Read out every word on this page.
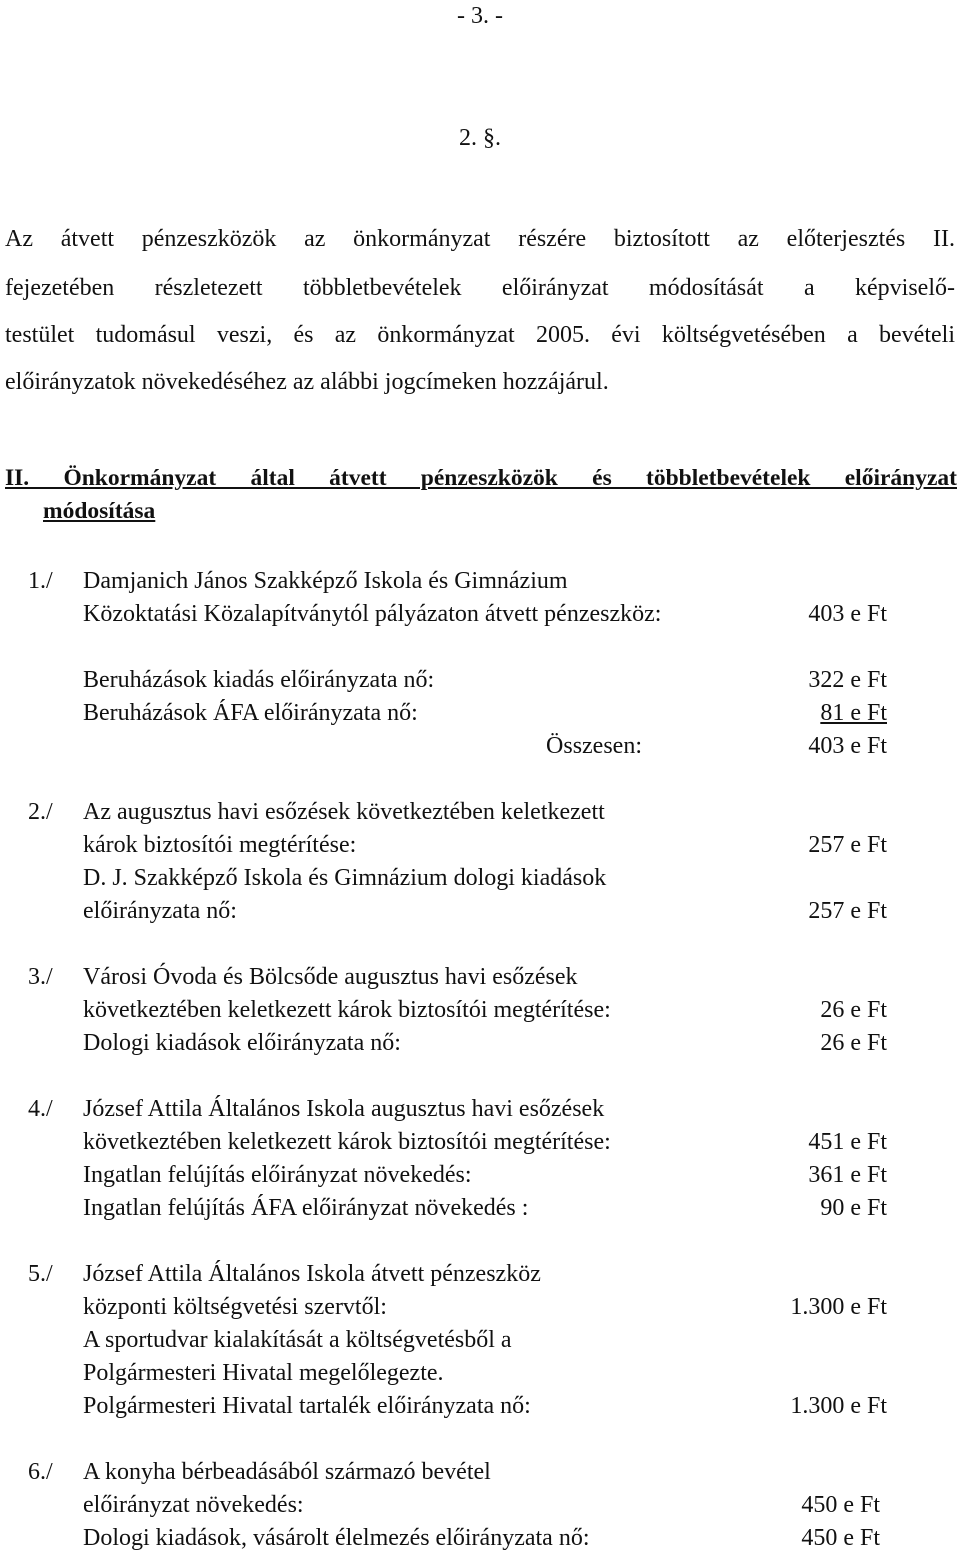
- 3. -
2. §.
Az átvett pénzeszközök az önkormányzat részére biztosított az előterjesztés II.
fejezetében részletezett többletbevételek előirányzat módosítását a képviselő-
testület tudomásul veszi, és az önkormányzat 2005. évi költségvetésében a bevételi
előirányzatok növekedéséhez az alábbi jogcímeken hozzájárul.
II. Önkormányzat által átvett pénzeszközök és többletbevételek előirányzat
módosítása
1./ Damjanich János Szakképző Iskola és Gimnázium
Közoktatási Közalapítványtól pályázaton átvett pénzeszköz:	403 e Ft
Beruházások kiadás előirányzata nő:	322 e Ft
Beruházások ÁFA előirányzata nő:	81 e Ft
Összesen:	403 e Ft
2./ Az augusztus havi esőzések következtében keletkezett
károk biztosítói megtérítése:	257 e Ft
D. J. Szakképző Iskola és Gimnázium dologi kiadások
előirányzata nő:	257 e Ft
3./ Városi Óvoda és Bölcsőde augusztus havi esőzések
következtében keletkezett károk biztosítói megtérítése:	26 e Ft
Dologi kiadások előirányzata nő:	26 e Ft
4./ József Attila Általános Iskola augusztus havi esőzések
következtében keletkezett károk biztosítói megtérítése:	451 e Ft
Ingatlan felújítás előirányzat növekedés:	361 e Ft
Ingatlan felújítás ÁFA előirányzat növekedés :	90 e Ft
5./ József Attila Általános Iskola átvett pénzeszköz
központi költségvetési szervtől:	1.300 e Ft
A sportudvar kialakítását a költségvetésből a
Polgármesteri Hivatal megelőlegezte.
Polgármesteri Hivatal tartalék előirányzata nő:	1.300 e Ft
6./ A konyha bérbeadásából származó bevétel
előirányzat növekedés:	450 e Ft
Dologi kiadások, vásárolt élelmezés előirányzata nő:	450 e Ft
